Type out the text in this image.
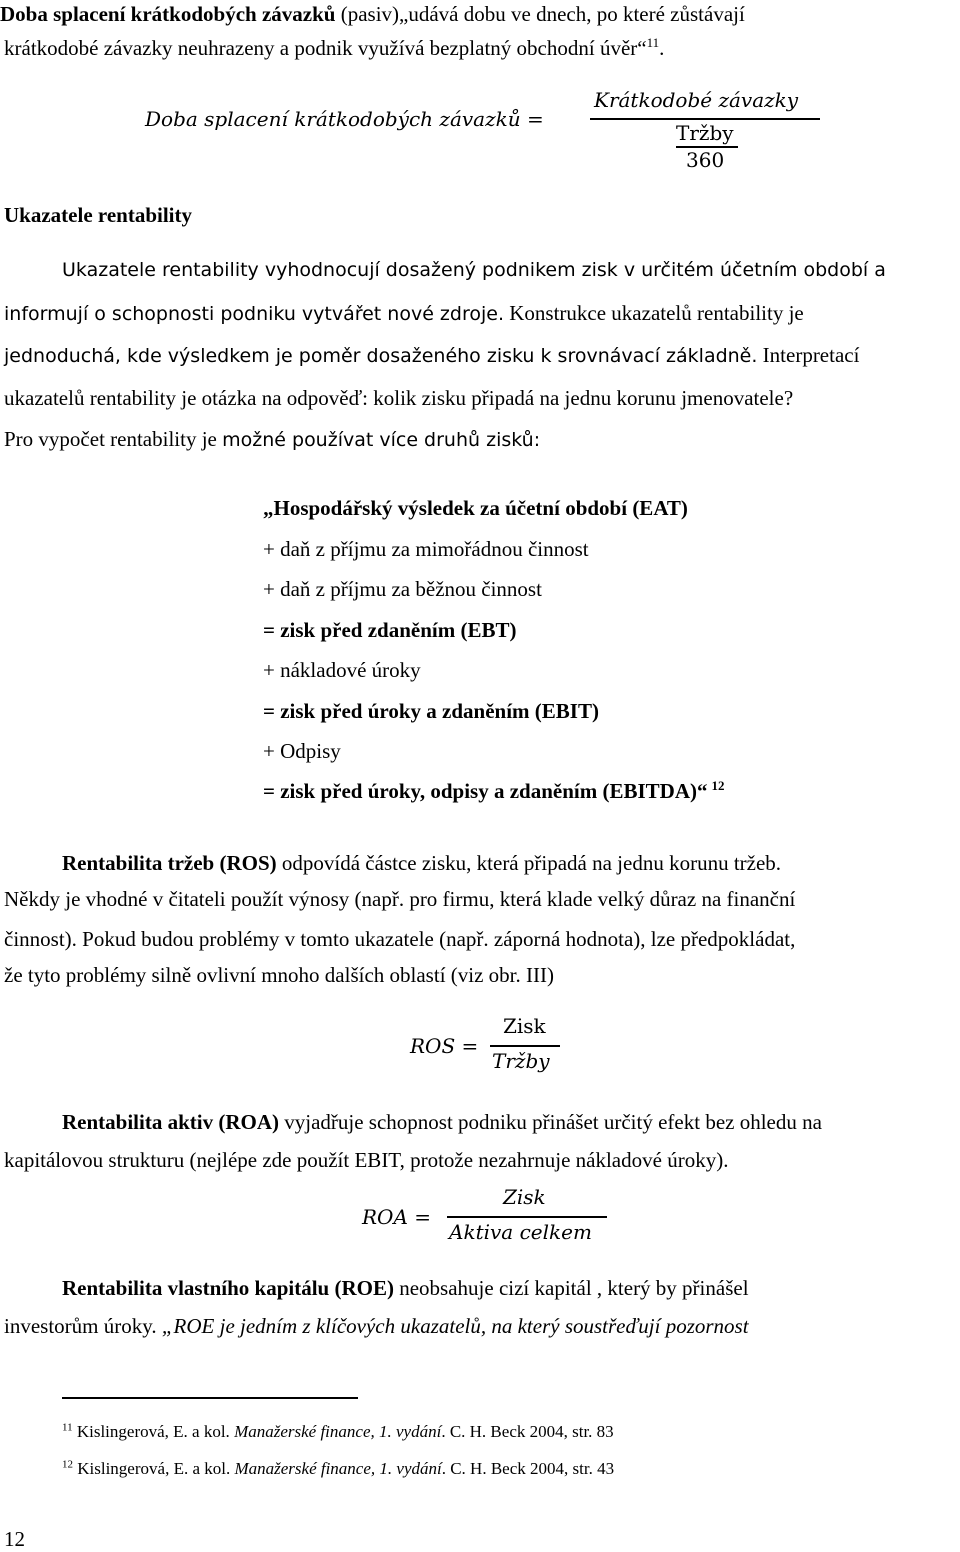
Doba splacení krátkodobých závazků (pasiv)„udává dobu ve dnech, po které zůstávají
krátkodobé závazky neuhrazeny a podnik využívá bezplatný obchodní úvěr“$^{11}$.
Doba splacení krátkodobých závazků =
Krátkodobé závazky
Tržby
360
Ukazatele rentability
Ukazatele rentability vyhodnocují dosažený podnikem zisk v určitém účetním období a
informují o schopnosti podniku vytvářet nové zdroje. Konstrukce ukazatelů rentability je
jednoduchá, kde výsledkem je poměr dosaženého zisku k srovnávací základně. Interpretací
ukazatelů rentability je otázka na odpověď: kolik zisku připadá na jednu korunu jmenovatele?
Pro vypočet rentability je možné používat více druhů zisků:
„Hospodářský výsledek za účetní období (EAT)
+ daň z příjmu za mimořádnou činnost
+ daň z příjmu za běžnou činnost
= zisk před zdaněním (EBT)
+ nákladové úroky
= zisk před úroky a zdaněním (EBIT)
+ Odpisy
= zisk před úroky, odpisy a zdaněním (EBITDA)“ $^{12}$
Rentabilita tržeb (ROS) odpovídá částce zisku, která připadá na jednu korunu tržeb.
Někdy je vhodné v čitateli použít výnosy (např. pro firmu, která klade velký důraz na finanční
činnost). Pokud budou problémy v tomto ukazatele (např. záporná hodnota), lze předpokládat,
že tyto problémy silně ovlivní mnoho dalších oblastí (viz obr. III)
ROS =
Zisk
Tržby
Rentabilita aktiv (ROA) vyjadřuje schopnost podniku přinášet určitý efekt bez ohledu na
kapitálovou strukturu (nejlépe zde použít EBIT, protože nezahrnuje nákladové úroky).
ROA =
Zisk
Aktiva celkem
Rentabilita vlastního kapitálu (ROE) neobsahuje cizí kapitál , který by přinášel
investorům úroky. „ROE je jedním z klíčových ukazatelů, na který soustřeďují pozornost
$^{11}$ Kislingerová, E. a kol. Manažerské finance, 1. vydání. C. H. Beck 2004, str. 83
$^{12}$ Kislingerová, E. a kol. Manažerské finance, 1. vydání. C. H. Beck 2004, str. 43
12
